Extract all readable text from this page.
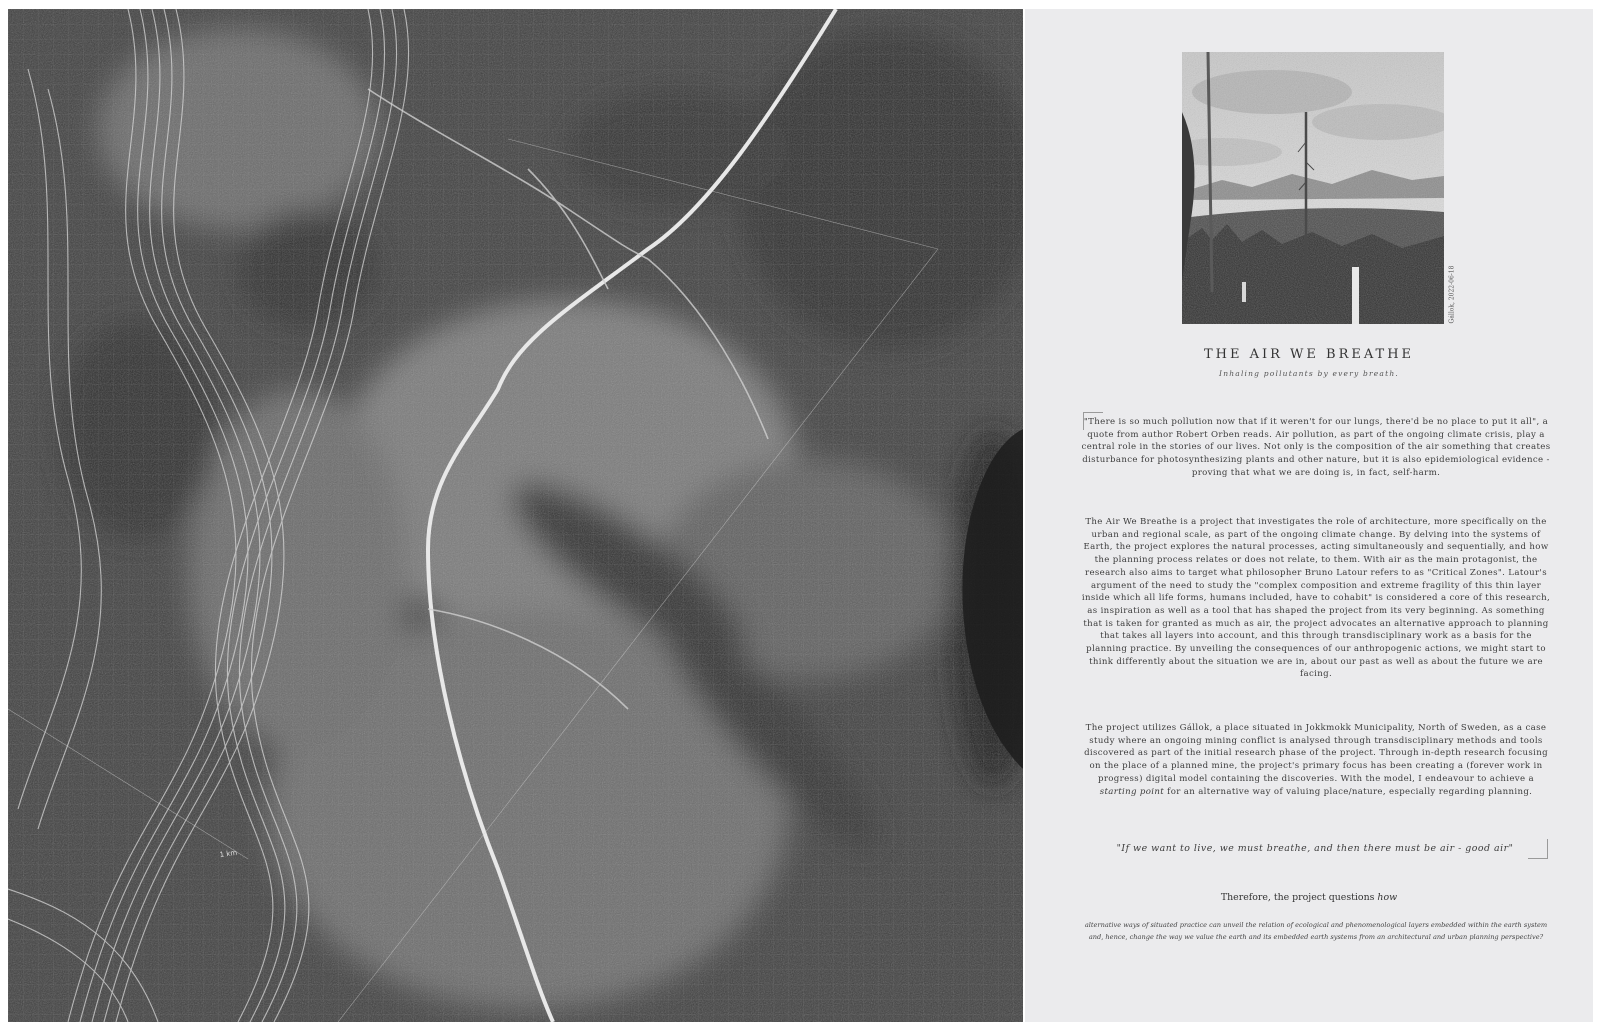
1 km
Gállok, 2022-06-18
THE AIR WE BREATHE
Inhaling pollutants by every breath.

"There is so much pollution now that if it weren't for our lungs, there'd be no place to put it all", a quote from author Robert Orben reads. Air pollution, as part of the ongoing climate crisis, play a central role in the stories of our lives. Not only is the composition of the air something that creates disturbance for photosynthesizing plants and other nature, but it is also epidemiological evidence - proving that what we are doing is, in fact, self-harm.

The Air We Breathe is a project that investigates the role of architecture, more specifically on the urban and regional scale, as part of the ongoing climate change. By delving into the systems of Earth, the project explores the natural processes, acting simultaneously and sequentially, and how the planning process relates or does not relate, to them. With air as the main protagonist, the research also aims to target what philosopher Bruno Latour refers to as "Critical Zones". Latour's argument of the need to study the "complex composition and extreme fragility of this thin layer inside which all life forms, humans included, have to cohabit" is considered a core of this research, as inspiration as well as a tool that has shaped the project from its very beginning. As something that is taken for granted as much as air, the project advocates an alternative approach to planning that takes all layers into account, and this through transdisciplinary work as a basis for the planning practice. By unveiling the consequences of our anthropogenic actions, we might start to think differently about the situation we are in, about our past as well as about the future we are facing.

The project utilizes Gállok, a place situated in Jokkmokk Municipality, North of Sweden, as a case study where an ongoing mining conflict is analysed through transdisciplinary methods and tools discovered as part of the initial research phase of the project. Through in-depth research focusing on the place of a planned mine, the project's primary focus has been creating a (forever work in progress) digital model containing the discoveries. With the model, I endeavour to achieve a starting point for an alternative way of valuing place/nature, especially regarding planning.

"If we want to live, we must breathe, and then there must be air - good air"
Therefore, the project questions how
alternative ways of situated practice can unveil the relation of ecological and phenomenological layers embedded within the earth system and, hence, change the way we value the earth and its embedded earth systems from an architectural and urban planning perspective?
